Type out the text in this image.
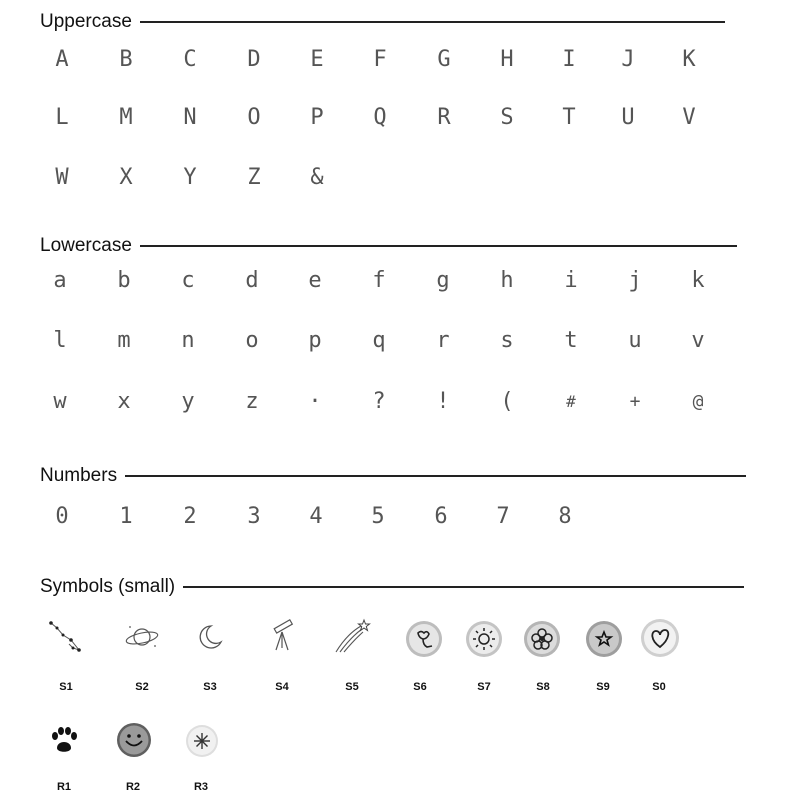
Uppercase
A B C D E F G H I J K
L M N O P Q R S T U V
W X Y Z &
Lowercase
a b c d e f g h i j k
l m n o p q r s t u v
w x y z · ? ! (	#	+	@
Numbers
0 1 2 3 4 5 6 7 8
Symbols (small)
S1	S2	S3	S4	S5	S6	S7	S8	S9	S0
R1	R2	R3
